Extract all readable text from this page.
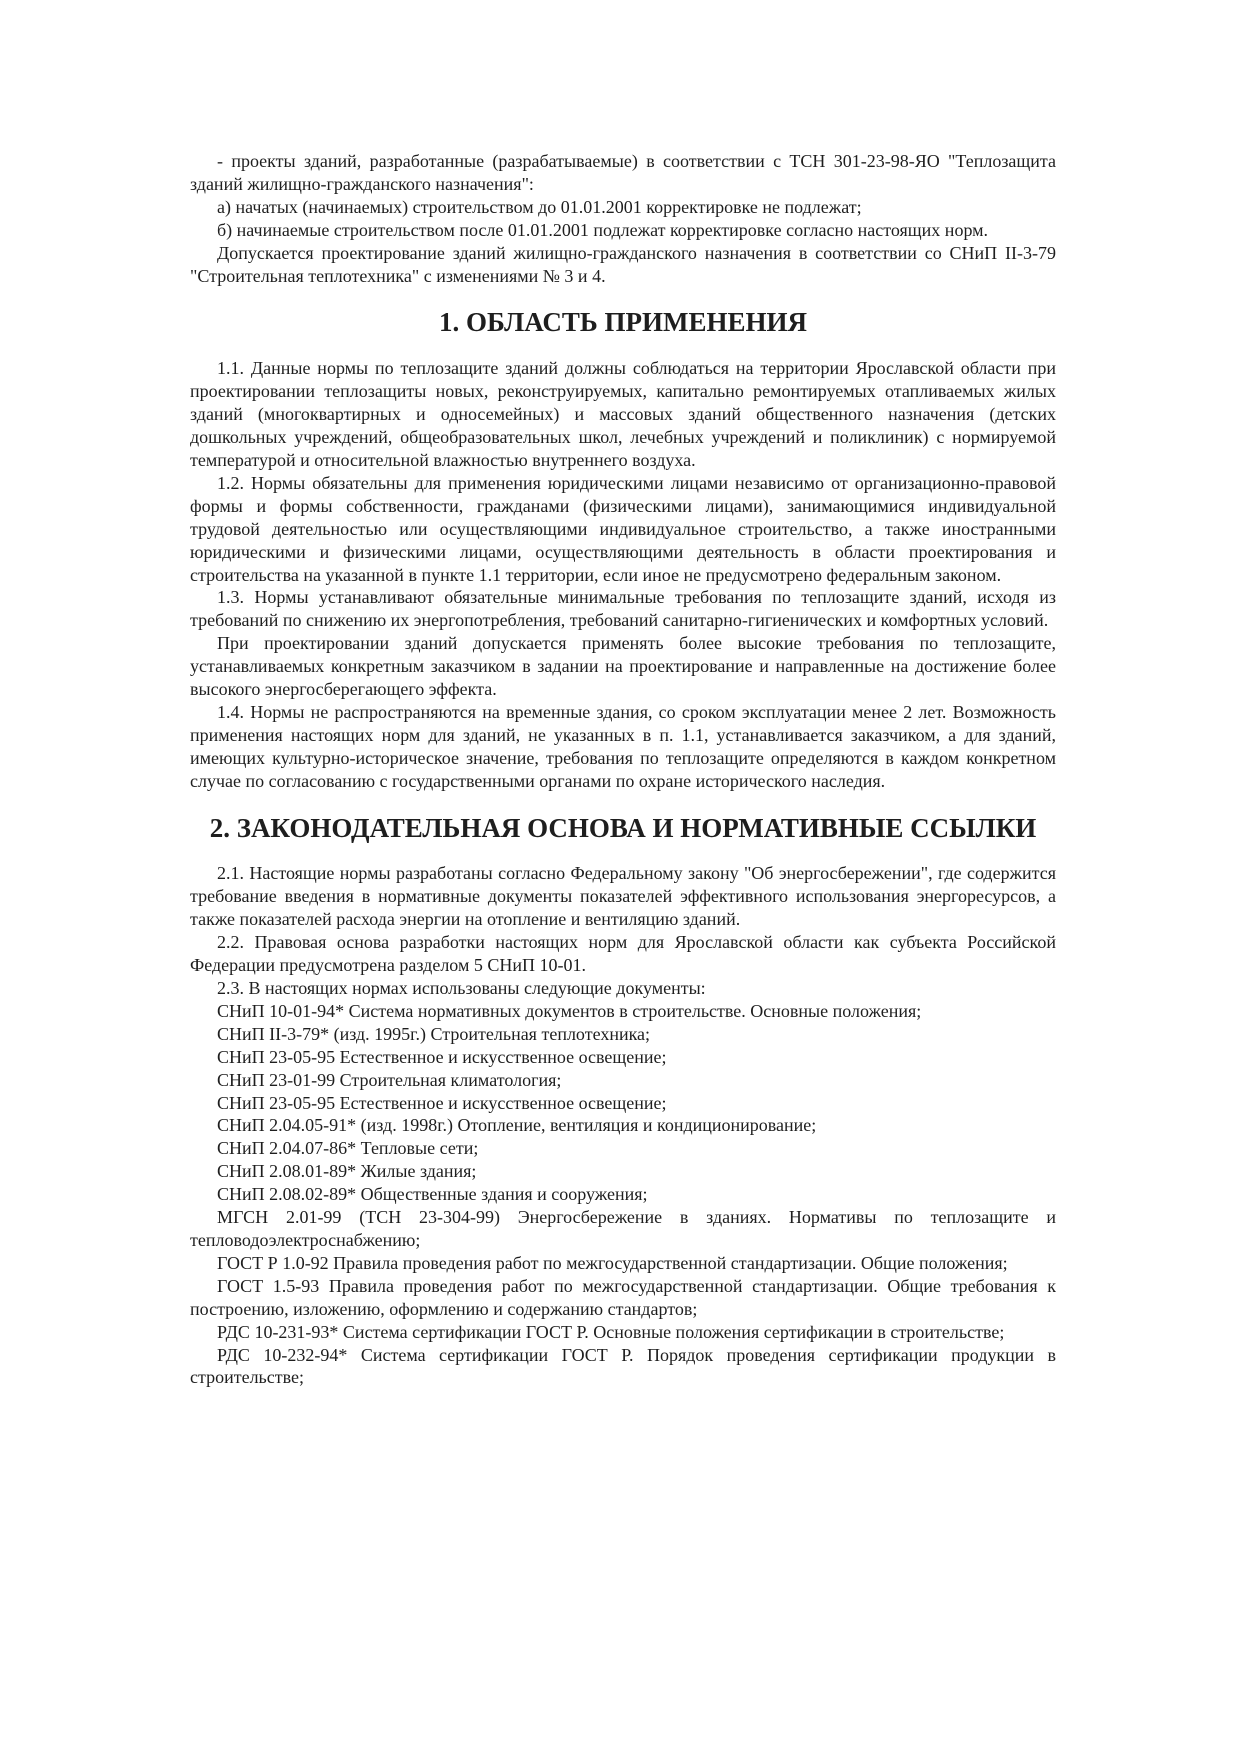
- проекты зданий, разработанные (разрабатываемые) в соответствии с ТСН 301-23-98-ЯО "Теплозащита зданий жилищно-гражданского назначения":

а) начатых (начинаемых) строительством до 01.01.2001 корректировке не подлежат;

б) начинаемые строительством после 01.01.2001 подлежат корректировке согласно настоящих норм.

Допускается проектирование зданий жилищно-гражданского назначения в соответствии со СНиП II-3-79 "Строительная теплотехника" с изменениями № 3 и 4.

1. ОБЛАСТЬ ПРИМЕНЕНИЯ

1.1. Данные нормы по теплозащите зданий должны соблюдаться на территории Ярославской области при проектировании теплозащиты новых, реконструируемых, капитально ремонтируемых отапливаемых жилых зданий (многоквартирных и односемейных) и массовых зданий общественного назначения (детских дошкольных учреждений, общеобразовательных школ, лечебных учреждений и поликлиник) с нормируемой температурой и относительной влажностью внутреннего воздуха.

1.2. Нормы обязательны для применения юридическими лицами независимо от организационно-правовой формы и формы собственности, гражданами (физическими лицами), занимающимися индивидуальной трудовой деятельностью или осуществляющими индивидуальное строительство, а также иностранными юридическими и физическими лицами, осуществляющими деятельность в области проектирования и строительства на указанной в пункте 1.1 территории, если иное не предусмотрено федеральным законом.

1.3. Нормы устанавливают обязательные минимальные требования по теплозащите зданий, исходя из требований по снижению их энергопотребления, требований санитарно-гигиенических и комфортных условий.

При проектировании зданий допускается применять более высокие требования по теплозащите, устанавливаемых конкретным заказчиком в задании на проектирование и направленные на достижение более высокого энергосберегающего эффекта.

1.4. Нормы не распространяются на временные здания, со сроком эксплуатации менее 2 лет. Возможность применения настоящих норм для зданий, не указанных в п. 1.1, устанавливается заказчиком, а для зданий, имеющих культурно-историческое значение, требования по теплозащите определяются в каждом конкретном случае по согласованию с государственными органами по охране исторического наследия.

2. ЗАКОНОДАТЕЛЬНАЯ ОСНОВА И НОРМАТИВНЫЕ ССЫЛКИ

2.1. Настоящие нормы разработаны согласно Федеральному закону "Об энергосбережении", где содержится требование введения в нормативные документы показателей эффективного использования энергоресурсов, а также показателей расхода энергии на отопление и вентиляцию зданий.

2.2. Правовая основа разработки настоящих норм для Ярославской области как субъекта Российской Федерации предусмотрена разделом 5 СНиП 10-01.

2.3. В настоящих нормах использованы следующие документы:

СНиП 10-01-94* Система нормативных документов в строительстве. Основные положения;

СНиП II-3-79* (изд. 1995г.) Строительная теплотехника;

СНиП 23-05-95 Естественное и искусственное освещение;

СНиП 23-01-99 Строительная климатология;

СНиП 23-05-95 Естественное и искусственное освещение;

СНиП 2.04.05-91* (изд. 1998г.) Отопление, вентиляция и кондиционирование;

СНиП 2.04.07-86* Тепловые сети;

СНиП 2.08.01-89* Жилые здания;

СНиП 2.08.02-89* Общественные здания и сооружения;

МГСН 2.01-99 (ТСН 23-304-99) Энергосбережение в зданиях. Нормативы по теплозащите и тепловодоэлектроснабжению;

ГОСТ Р 1.0-92 Правила проведения работ по межгосударственной стандартизации. Общие положения;

ГОСТ 1.5-93 Правила проведения работ по межгосударственной стандартизации. Общие требования к построению, изложению, оформлению и содержанию стандартов;

РДС 10-231-93* Система сертификации ГОСТ Р. Основные положения сертификации в строительстве;

РДС 10-232-94* Система сертификации ГОСТ Р. Порядок проведения сертификации продукции в строительстве;
